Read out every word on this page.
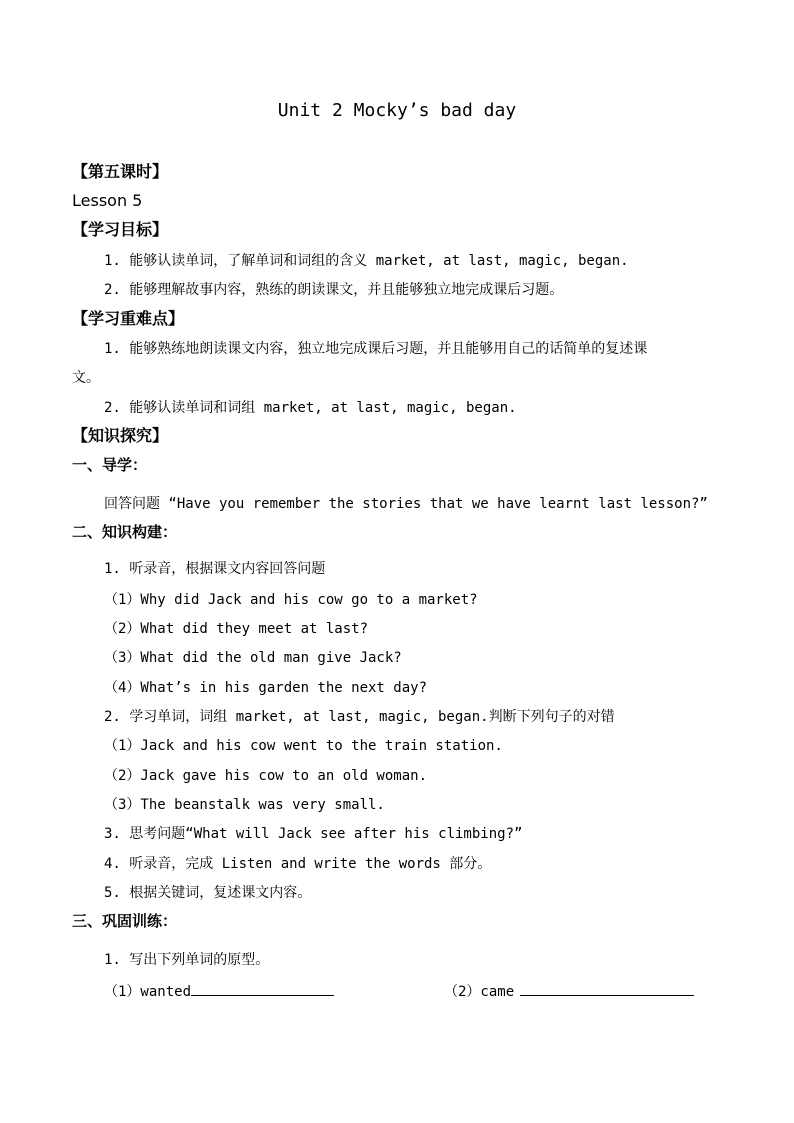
Unit 2 Mocky’s bad day
【第五课时】
Lesson 5
【学习目标】
1. 能够认读单词，了解单词和词组的含义 market, at last, magic, began.
2. 能够理解故事内容，熟练的朗读课文，并且能够独立地完成课后习题。
【学习重难点】
1. 能够熟练地朗读课文内容，独立地完成课后习题，并且能够用自己的话简单的复述课
文。
2. 能够认读单词和词组 market, at last, magic, began.
【知识探究】
一、导学：
回答问题 “Have you remember the stories that we have learnt last lesson?”
二、知识构建：
1. 听录音，根据课文内容回答问题
（1）Why did Jack and his cow go to a market?
（2）What did they meet at last?
（3）What did the old man give Jack?
（4）What’s in his garden the next day?
2. 学习单词，词组 market, at last, magic, began.判断下列句子的对错
（1）Jack and his cow went to the train station.
（2）Jack gave his cow to an old woman.
（3）The beanstalk was very small.
3. 思考问题“What will Jack see after his climbing?”
4. 听录音，完成 Listen and write the words 部分。
5. 根据关键词，复述课文内容。
三、巩固训练：
1. 写出下列单词的原型。
（1）wanted	（2）came
